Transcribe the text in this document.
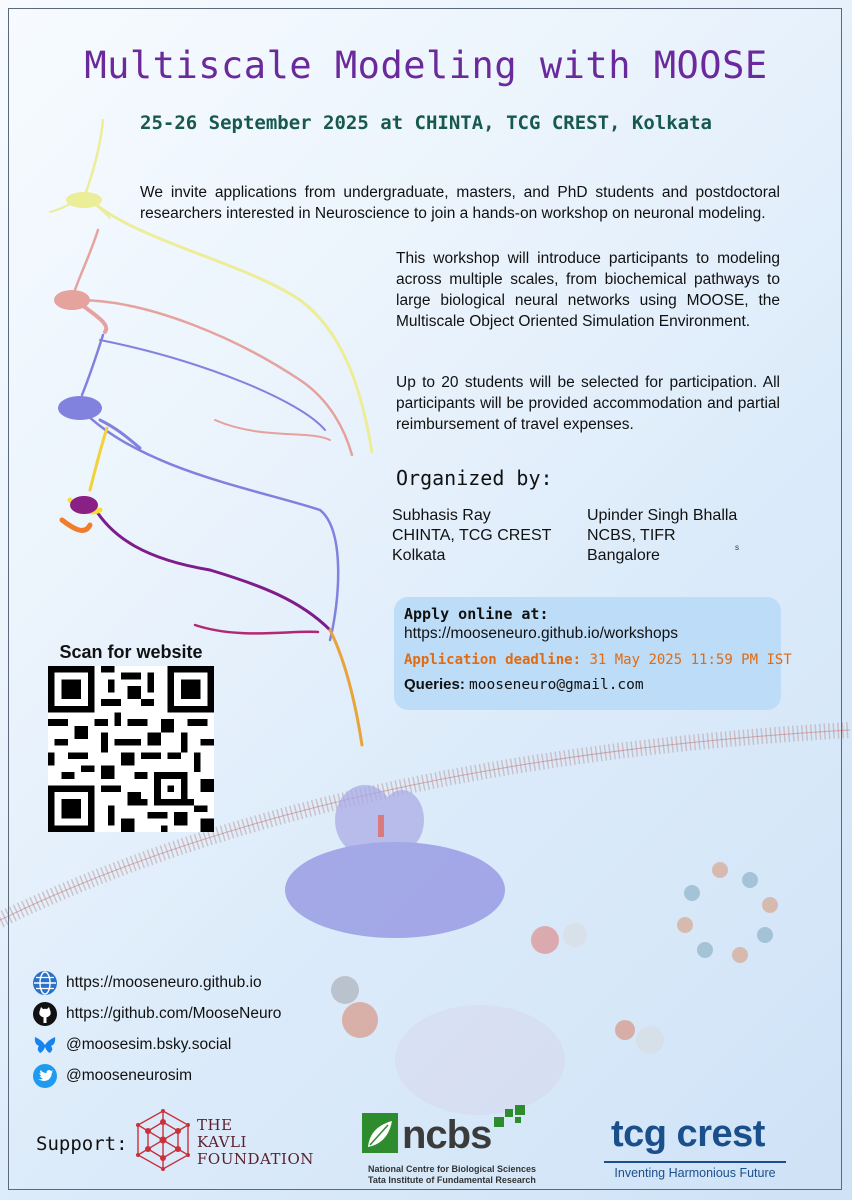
Multiscale Modeling with MOOSE
25-26 September 2025 at CHINTA, TCG CREST, Kolkata
We invite applications from undergraduate, masters, and PhD students and postdoctoral researchers interested in Neuroscience to join a hands-on workshop on neuronal modeling.
This workshop will introduce participants to modeling across multiple scales, from biochemical pathways to large biological neural networks using MOOSE, the Multiscale Object Oriented Simulation Environment.
Up to 20 students will be selected for participation. All participants will be provided accommodation and partial reimbursement of travel expenses.
Organized by:
Subhasis Ray
CHINTA, TCG CREST
Kolkata
Upinder Singh Bhalla
NCBS, TIFR
Bangalore	s
Apply online at:
https://mooseneuro.github.io/workshops
Application deadline: 31 May 2025 11:59 PM IST
Queries: mooseneuro@gmail.com
Scan for website
https://mooseneuro.github.io
https://github.com/MooseNeuro
@moosesim.bsky.social
@mooseneurosim
Support:
THE
KAVLI
FOUNDATION
ncbs
National Centre for Biological Sciences
Tata Institute of Fundamental Research
tcg crest
Inventing Harmonious Future
